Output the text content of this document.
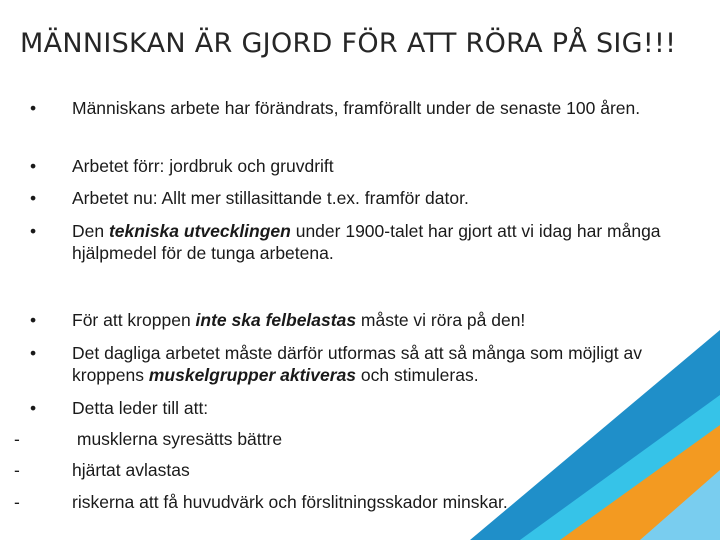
MÄNNISKAN ÄR GJORD FÖR ATT RÖRA PÅ SIG!!!
•	Människans arbete har förändrats, framförallt under de senaste 100 åren.
•	Arbetet förr: jordbruk och gruvdrift
•	Arbetet nu: Allt mer stillasittande t.ex. framför dator.
•	Den tekniska utvecklingen under 1900-talet har gjort att vi idag har många hjälpmedel för de tunga arbetena.
•	För att kroppen inte ska felbelastas måste vi röra på den!
•	Det dagliga arbetet måste därför utformas så att så många som möjligt av kroppens muskelgrupper aktiveras och stimuleras.
•	Detta leder till att:
-	musklerna syresätts bättre
-	hjärtat avlastas
-	riskerna att få huvudvärk och förslitningsskador minskar.
